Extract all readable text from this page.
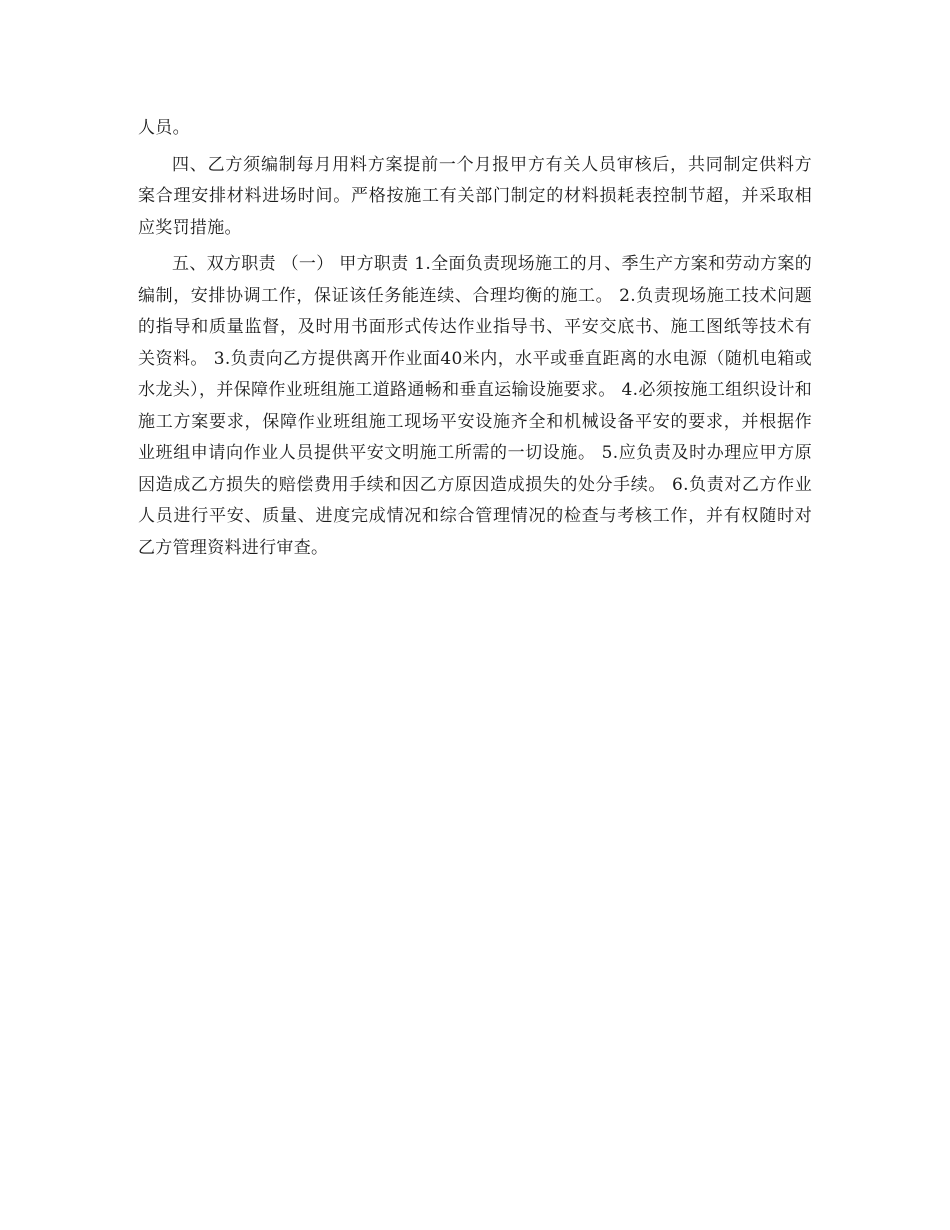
人员。

四、乙方须编制每月用料方案提前一个月报甲方有关人员审核后，共同制定供料方案合理安排材料进场时间。严格按施工有关部门制定的材料损耗表控制节超，并采取相应奖罚措施。

五、双方职责 （一） 甲方职责 1.全面负责现场施工的月、季生产方案和劳动方案的编制，安排协调工作，保证该任务能连续、合理均衡的施工。 2.负责现场施工技术问题的指导和质量监督，及时用书面形式传达作业指导书、平安交底书、施工图纸等技术有关资料。 3.负责向乙方提供离开作业面40米内，水平或垂直距离的水电源（随机电箱或水龙头），并保障作业班组施工道路通畅和垂直运输设施要求。 4.必须按施工组织设计和施工方案要求，保障作业班组施工现场平安设施齐全和机械设备平安的要求，并根据作业班组申请向作业人员提供平安文明施工所需的一切设施。 5.应负责及时办理应甲方原因造成乙方损失的赔偿费用手续和因乙方原因造成损失的处分手续。 6.负责对乙方作业人员进行平安、质量、进度完成情况和综合管理情况的检查与考核工作，并有权随时对乙方管理资料进行审查。
